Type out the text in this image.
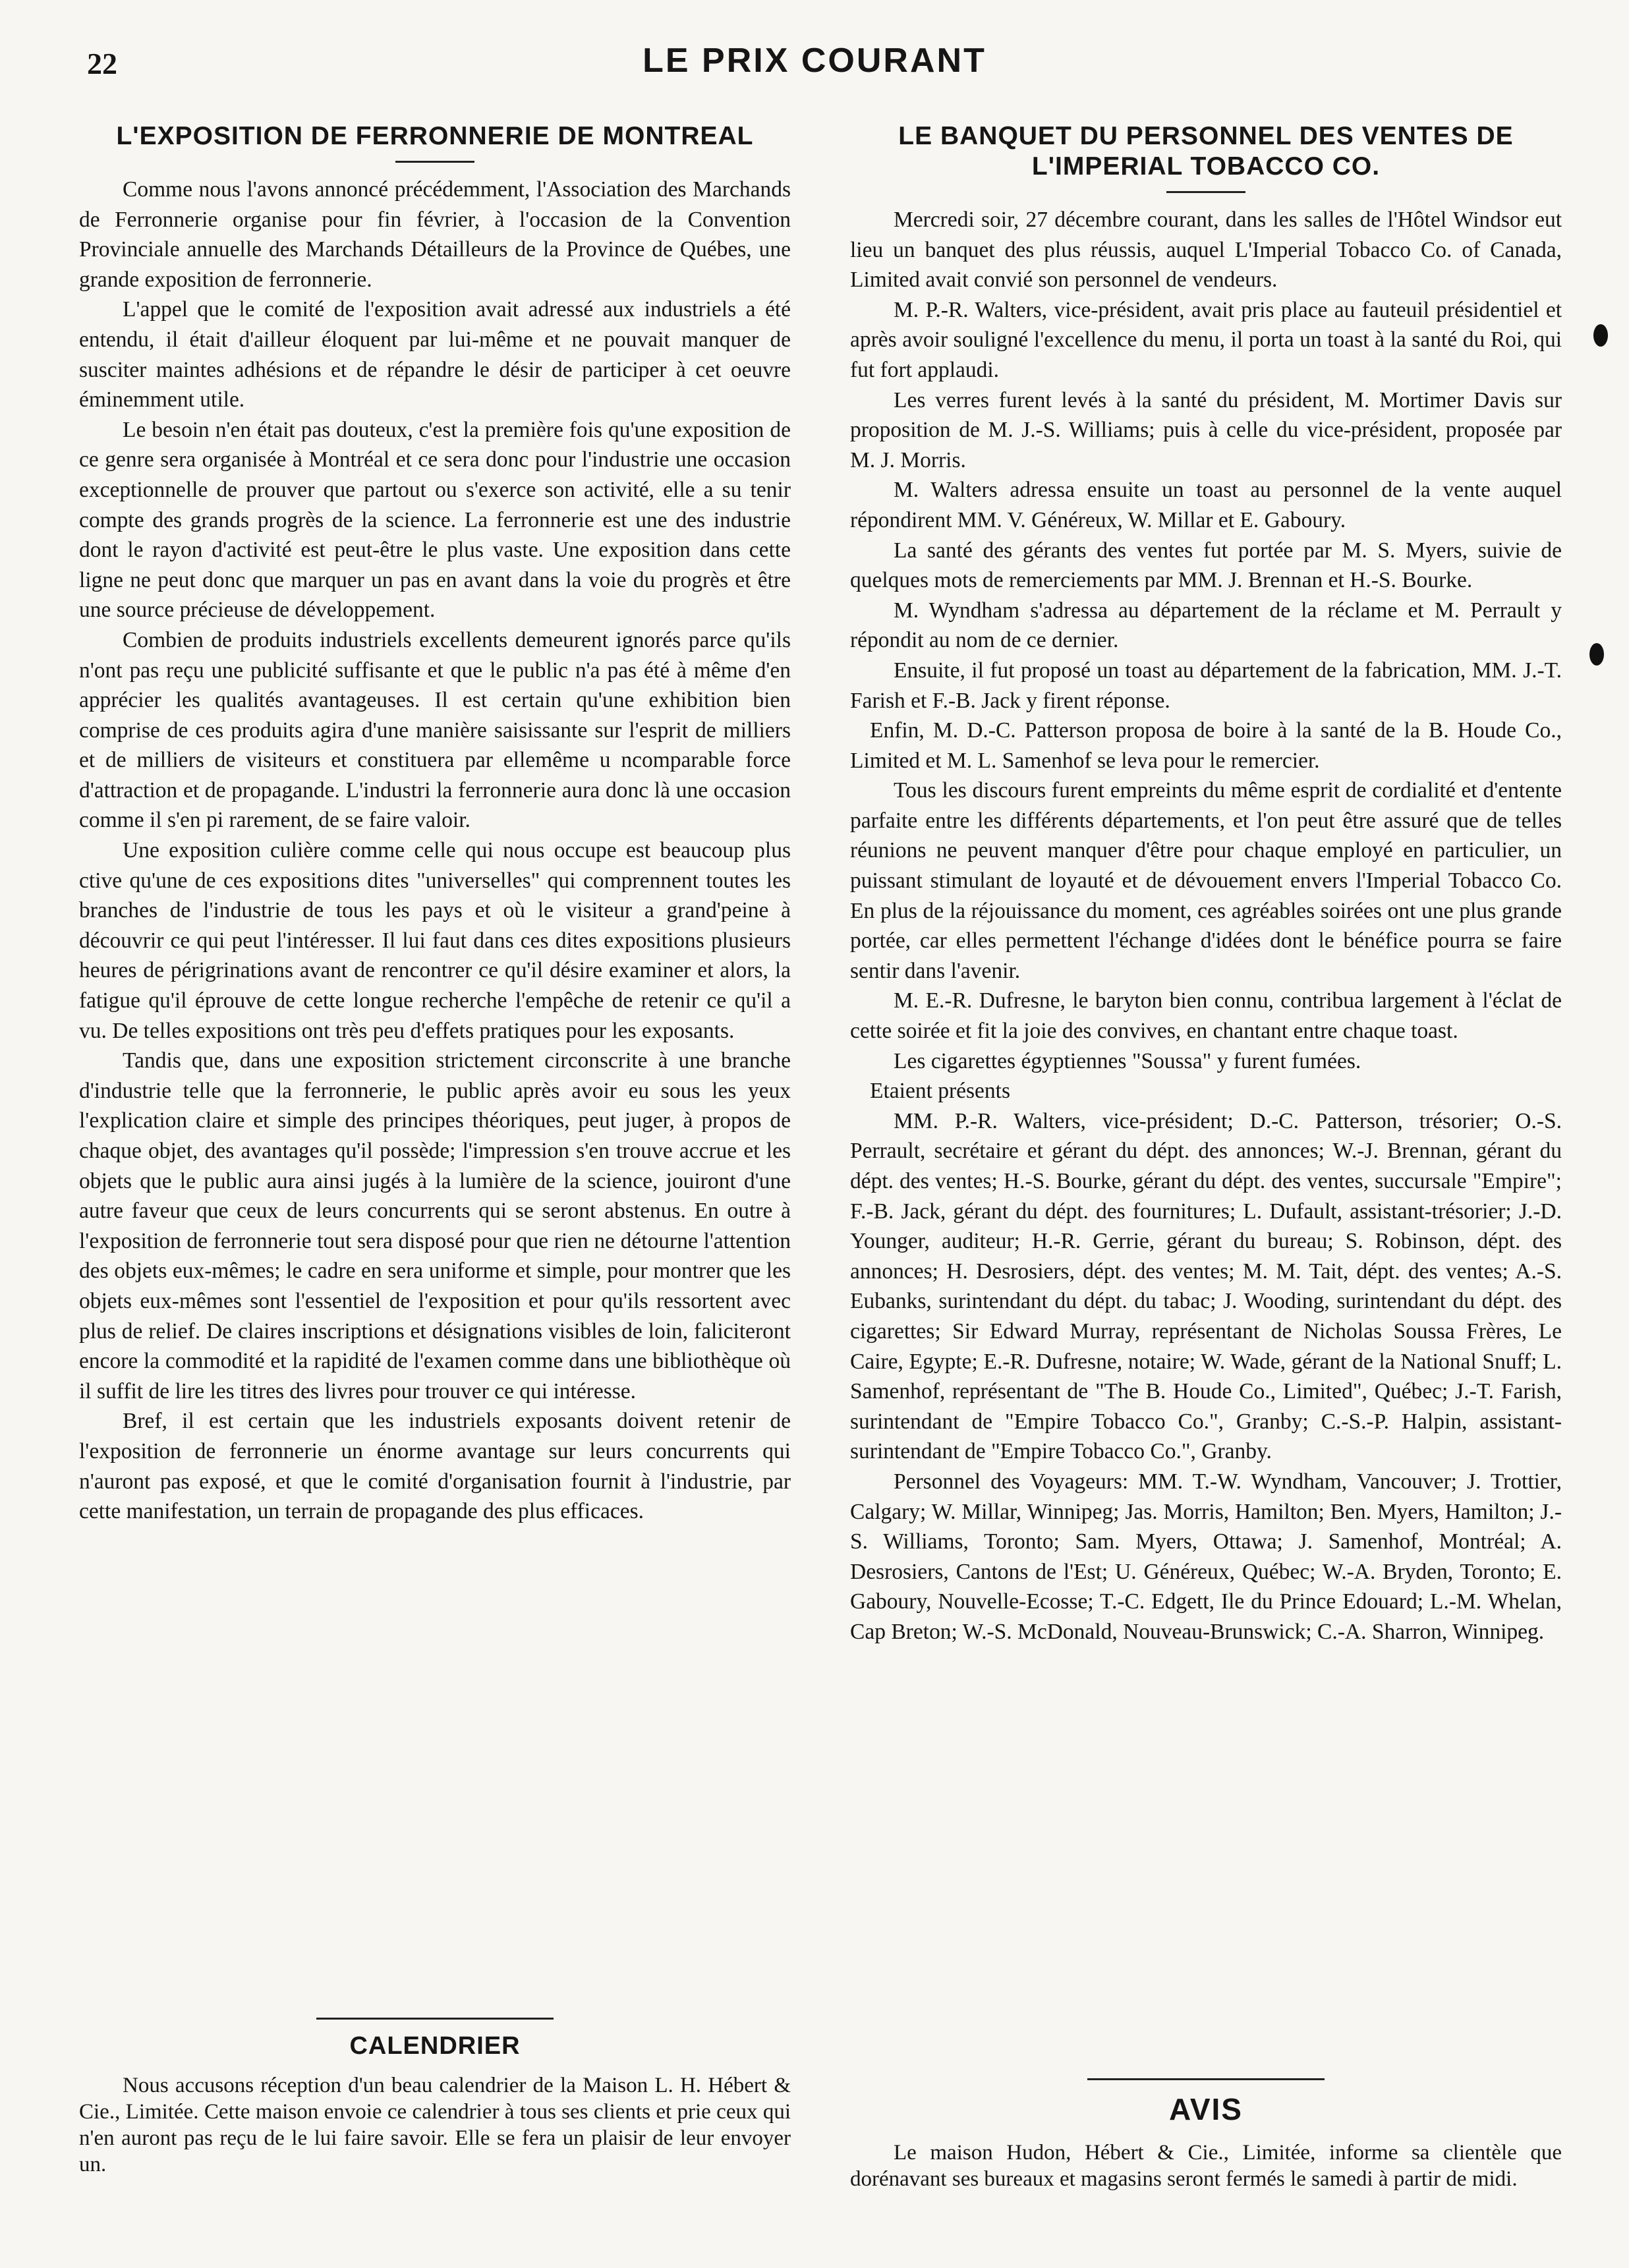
22	LE PRIX COURANT
L'EXPOSITION DE FERRONNERIE DE MONTREAL

Comme nous l'avons annoncé précédemment, l'Association des Marchands de Ferronnerie organise pour fin février, à l'occasion de la Convention Provinciale annuelle des Marchands Détailleurs de la Province de Québes, une grande exposition de ferronnerie.

L'appel que le comité de l'exposition avait adressé aux industriels a été entendu, il était d'ailleur éloquent par lui-même et ne pouvait manquer de susciter maintes adhésions et de répandre le désir de participer à cet oeuvre éminemment utile.

Le besoin n'en était pas douteux, c'est la première fois qu'une exposition de ce genre sera organisée à Montréal et ce sera donc pour l'industrie une occasion exceptionnelle de prouver que partout ou s'exerce son activité, elle a su tenir compte des grands progrès de la science. La ferronnerie est une des industrie dont le rayon d'activité est peut-être le plus vaste. Une exposition dans cette ligne ne peut donc que marquer un pas en avant dans la voie du progrès et être une source précieuse de développement.

Combien de produits industriels excellents demeurent ignorés parce qu'ils n'ont pas reçu une publicité suffisante et que le public n'a pas été à même d'en apprécier les qualités avantageuses. Il est certain qu'une exhibition bien comprise de ces produits agira d'une manière saisissante sur l'esprit de milliers et de milliers de visiteurs et constituera par ellemême u ncomparable force d'attraction et de propagande. L'industri la ferronnerie aura donc là une occasion comme il s'en pi rarement, de se faire valoir.

Une exposition culière comme celle qui nous occupe est beaucoup plus ctive qu'une de ces expositions dites "universelles" qui comprennent toutes les branches de l'industrie de tous les pays et où le visiteur a grand'peine à découvrir ce qui peut l'intéresser. Il lui faut dans ces dites expositions plusieurs heures de périgrinations avant de rencontrer ce qu'il désire examiner et alors, la fatigue qu'il éprouve de cette longue recherche l'empêche de retenir ce qu'il a vu. De telles expositions ont très peu d'effets pratiques pour les exposants.

Tandis que, dans une exposition strictement circonscrite à une branche d'industrie telle que la ferronnerie, le public après avoir eu sous les yeux l'explication claire et simple des principes théoriques, peut juger, à propos de chaque objet, des avantages qu'il possède; l'impression s'en trouve accrue et les objets que le public aura ainsi jugés à la lumière de la science, jouiront d'une autre faveur que ceux de leurs concurrents qui se seront abstenus. En outre à l'exposition de ferronnerie tout sera disposé pour que rien ne détourne l'attention des objets eux-mêmes; le cadre en sera uniforme et simple, pour montrer que les objets eux-mêmes sont l'essentiel de l'exposition et pour qu'ils ressortent avec plus de relief. De claires inscriptions et désignations visibles de loin, faliciteront encore la commodité et la rapidité de l'examen comme dans une bibliothèque où il suffit de lire les titres des livres pour trouver ce qui intéresse.

Bref, il est certain que les industriels exposants doivent retenir de l'exposition de ferronnerie un énorme avantage sur leurs concurrents qui n'auront pas exposé, et que le comité d'organisation fournit à l'industrie, par cette manifestation, un terrain de propagande des plus efficaces.

CALENDRIER

Nous accusons réception d'un beau calendrier de la Maison L. H. Hébert & Cie., Limitée. Cette maison envoie ce calendrier à tous ses clients et prie ceux qui n'en auront pas reçu de le lui faire savoir. Elle se fera un plaisir de leur envoyer un.

LE BANQUET DU PERSONNEL DES VENTES DE
L'IMPERIAL TOBACCO CO.

Mercredi soir, 27 décembre courant, dans les salles de l'Hôtel Windsor eut lieu un banquet des plus réussis, auquel L'Imperial Tobacco Co. of Canada, Limited avait convié son personnel de vendeurs.

M. P.-R. Walters, vice-président, avait pris place au fauteuil présidentiel et après avoir souligné l'excellence du menu, il porta un toast à la santé du Roi, qui fut fort applaudi.

Les verres furent levés à la santé du président, M. Mortimer Davis sur proposition de M. J.-S. Williams; puis à celle du vice-président, proposée par M. J. Morris.

M. Walters adressa ensuite un toast au personnel de la vente auquel répondirent MM. V. Généreux, W. Millar et E. Gaboury.

La santé des gérants des ventes fut portée par M. S. Myers, suivie de quelques mots de remerciements par MM. J. Brennan et H.-S. Bourke.

M. Wyndham s'adressa au département de la réclame et M. Perrault y répondit au nom de ce dernier.

Ensuite, il fut proposé un toast au département de la fabrication, MM. J.-T. Farish et F.-B. Jack y firent réponse.

Enfin, M. D.-C. Patterson proposa de boire à la santé de la B. Houde Co., Limited et M. L. Samenhof se leva pour le remercier.

Tous les discours furent empreints du même esprit de cordialité et d'entente parfaite entre les différents départements, et l'on peut être assuré que de telles réunions ne peuvent manquer d'être pour chaque employé en particulier, un puissant stimulant de loyauté et de dévouement envers l'Imperial Tobacco Co. En plus de la réjouissance du moment, ces agréables soirées ont une plus grande portée, car elles permettent l'échange d'idées dont le bénéfice pourra se faire sentir dans l'avenir.

M. E.-R. Dufresne, le baryton bien connu, contribua largement à l'éclat de cette soirée et fit la joie des convives, en chantant entre chaque toast.

Les cigarettes égyptiennes "Soussa" y furent fumées.

Etaient présents

MM. P.-R. Walters, vice-président; D.-C. Patterson, trésorier; O.-S. Perrault, secrétaire et gérant du dépt. des annonces; W.-J. Brennan, gérant du dépt. des ventes; H.-S. Bourke, gérant du dépt. des ventes, succursale "Empire"; F.-B. Jack, gérant du dépt. des fournitures; L. Dufault, assistant-trésorier; J.-D. Younger, auditeur; H.-R. Gerrie, gérant du bureau; S. Robinson, dépt. des annonces; H. Desrosiers, dépt. des ventes; M. M. Tait, dépt. des ventes; A.-S. Eubanks, surintendant du dépt. du tabac; J. Wooding, surintendant du dépt. des cigarettes; Sir Edward Murray, représentant de Nicholas Soussa Frères, Le Caire, Egypte; E.-R. Dufresne, notaire; W. Wade, gérant de la National Snuff; L. Samenhof, représentant de "The B. Houde Co., Limited", Québec; J.-T. Farish, surintendant de "Empire Tobacco Co.", Granby; C.-S.-P. Halpin, assistant-surintendant de "Empire Tobacco Co.", Granby.

Personnel des Voyageurs: MM. T.-W. Wyndham, Vancouver; J. Trottier, Calgary; W. Millar, Winnipeg; Jas. Morris, Hamilton; Ben. Myers, Hamilton; J.-S. Williams, Toronto; Sam. Myers, Ottawa; J. Samenhof, Montréal; A. Desrosiers, Cantons de l'Est; U. Généreux, Québec; W.-A. Bryden, Toronto; E. Gaboury, Nouvelle-Ecosse; T.-C. Edgett, Ile du Prince Edouard; L.-M. Whelan, Cap Breton; W.-S. McDonald, Nouveau-Brunswick; C.-A. Sharron, Winnipeg.

AVIS

Le maison Hudon, Hébert & Cie., Limitée, informe sa clientèle que dorénavant ses bureaux et magasins seront fermés le samedi à partir de midi.
